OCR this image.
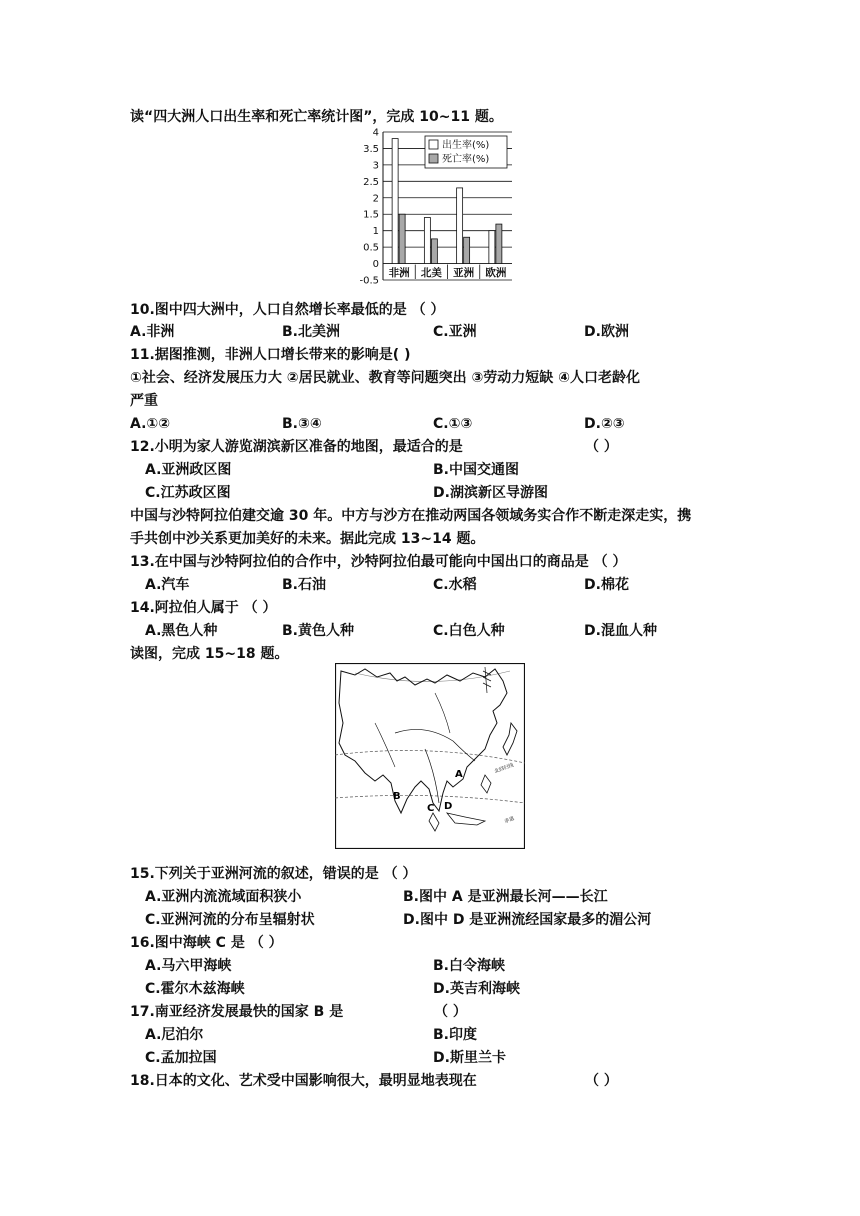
读“四大洲人口出生率和死亡率统计图”，完成 10~11 题。
4
3.5
3
2.5
2
1.5
1
0.5
0
-0.5
非洲 北美 亚洲 欧洲
出生率(%)
死亡率(%)
10.图中四大洲中，人口自然增长率最低的是 （ ）
A.非洲	B.北美洲	C.亚洲	D.欧洲
11.据图推测，非洲人口增长带来的影响是( )
①社会、经济发展压力大 ②居民就业、教育等问题突出 ③劳动力短缺 ④人口老龄化
严重
A.①②	B.③④	C.①③	D.②③
12.小明为家人游览湖滨新区准备的地图，最适合的是	（ ）
A.亚洲政区图	B.中国交通图
C.江苏政区图	D.湖滨新区导游图
中国与沙特阿拉伯建交逾 30 年。中方与沙方在推动两国各领域务实合作不断走深走实，携
手共创中沙关系更加美好的未来。据此完成 13~14 题。
13.在中国与沙特阿拉伯的合作中，沙特阿拉伯最可能向中国出口的商品是 （ ）
A.汽车	B.石油	C.水稻	D.棉花
14.阿拉伯人属于 （ ）
A.黑色人种	B.黄色人种	C.白色人种	D.混血人种
读图，完成 15~18 题。
A
B
C D
北回归线
赤道
15.下列关于亚洲河流的叙述，错误的是 （ ）
A.亚洲内流流域面积狭小	B.图中 A 是亚洲最长河——长江
C.亚洲河流的分布呈辐射状	D.图中 D 是亚洲流经国家最多的湄公河
16.图中海峡 C 是 （ ）
A.马六甲海峡	B.白令海峡
C.霍尔木兹海峡	D.英吉利海峡
17.南亚经济发展最快的国家 B 是	（ ）
A.尼泊尔	B.印度
C.孟加拉国	D.斯里兰卡
18.日本的文化、艺术受中国影响很大，最明显地表现在	（ ）
